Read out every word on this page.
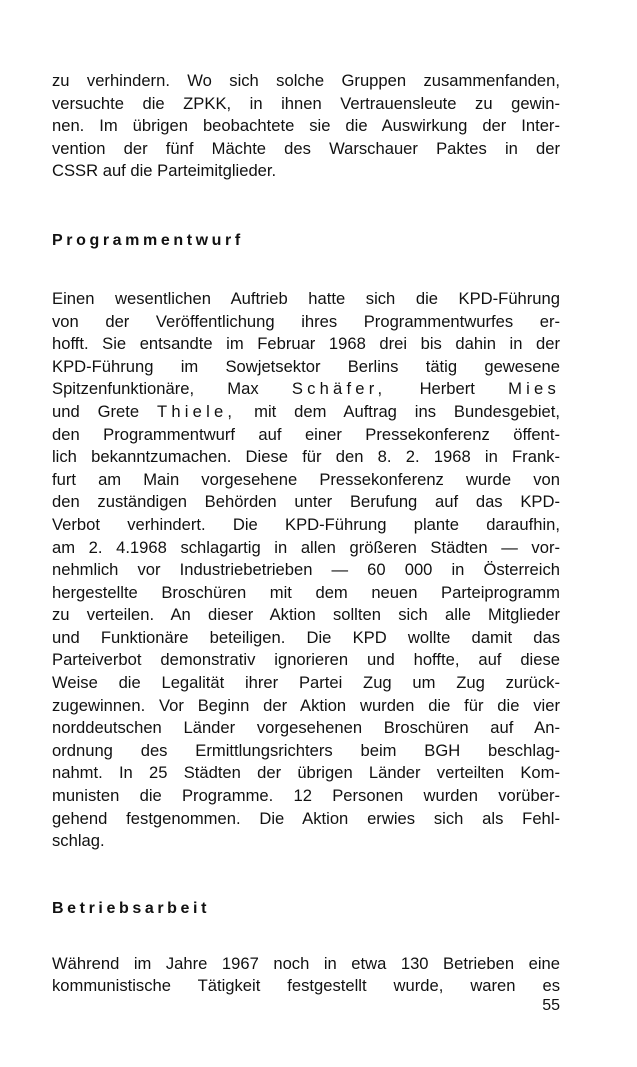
zu verhindern. Wo sich solche Gruppen zusammenfanden,
versuchte die ZPKK, in ihnen Vertrauensleute zu gewin-
nen. Im übrigen beobachtete sie die Auswirkung der Inter-
vention der fünf Mächte des Warschauer Paktes in der
CSSR auf die Parteimitglieder.

Programmentwurf

Einen wesentlichen Auftrieb hatte sich die KPD-Führung
von der Veröffentlichung ihres Programmentwurfes er-
hofft. Sie entsandte im Februar 1968 drei bis dahin in der
KPD-Führung im Sowjetsektor Berlins tätig gewesene
Spitzenfunktionäre, Max Schäfer, Herbert Mies
und Grete Thiele, mit dem Auftrag ins Bundesgebiet,
den Programmentwurf auf einer Pressekonferenz öffent-
lich bekanntzumachen. Diese für den 8. 2. 1968 in Frank-
furt am Main vorgesehene Pressekonferenz wurde von
den zuständigen Behörden unter Berufung auf das KPD-
Verbot verhindert. Die KPD-Führung plante daraufhin,
am 2. 4.1968 schlagartig in allen größeren Städten — vor-
nehmlich vor Industriebetrieben — 60 000 in Österreich
hergestellte Broschüren mit dem neuen Parteiprogramm
zu verteilen. An dieser Aktion sollten sich alle Mitglieder
und Funktionäre beteiligen. Die KPD wollte damit das
Parteiverbot demonstrativ ignorieren und hoffte, auf diese
Weise die Legalität ihrer Partei Zug um Zug zurück-
zugewinnen. Vor Beginn der Aktion wurden die für die vier
norddeutschen Länder vorgesehenen Broschüren auf An-
ordnung des Ermittlungsrichters beim BGH beschlag-
nahmt. In 25 Städten der übrigen Länder verteilten Kom-
munisten die Programme. 12 Personen wurden vorüber-
gehend festgenommen. Die Aktion erwies sich als Fehl-
schlag.

Betriebsarbeit

Während im Jahre 1967 noch in etwa 130 Betrieben eine
kommunistische Tätigkeit festgestellt wurde, waren es

55
